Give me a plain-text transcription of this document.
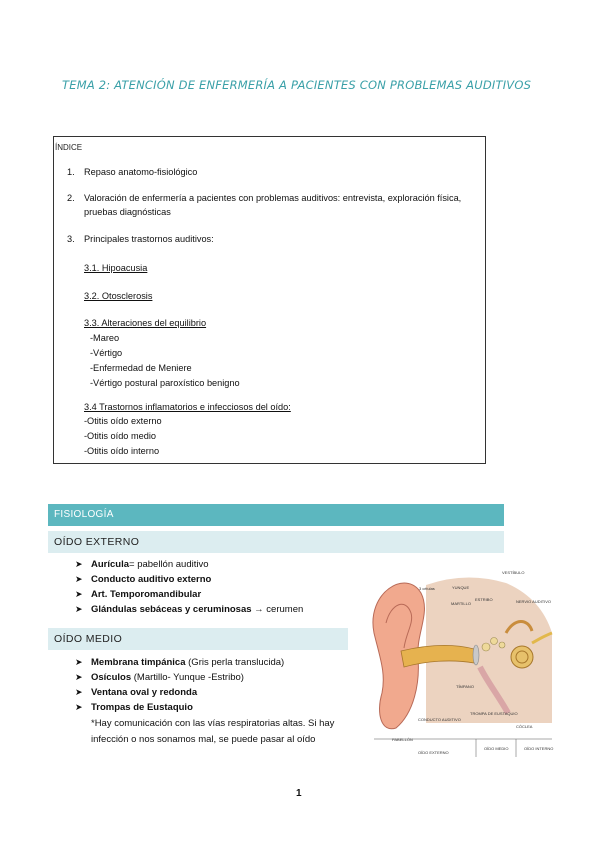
TEMA 2: ATENCIÓN DE ENFERMERÍA A PACIENTES CON PROBLEMAS AUDITIVOS
ÍNDICE
1. Repaso anatomo-fisiológico
2. Valoración de enfermería a pacientes con problemas auditivos: entrevista, exploración física,
pruebas diagnósticas
3. Principales trastornos auditivos:
3.1. Hipoacusia
3.2. Otosclerosis
3.3. Alteraciones del equilibrio
-Mareo
-Vértigo
-Enfermedad de Meniere
-Vértigo postural paroxístico benigno
3.4 Trastornos inflamatorios e infecciosos del oído:
-Otitis oído externo
-Otitis oído medio
-Otitis oído interno
FISIOLOGÍA
OÍDO EXTERNO
➤ Aurícula= pabellón auditivo
➤ Conducto auditivo externo
➤ Art. Temporomandibular
➤ Glándulas sebáceas y ceruminosas → cerumen
OÍDO MEDIO
➤ Membrana timpánica (Gris perla translucida)
➤ Osículos (Martillo- Yunque -Estribo)
➤ Ventana oval y redonda
➤ Trompas de Eustaquio
*Hay comunicación con las vías respiratorias altas. Si hay
infección o nos sonamos mal, se puede pasar al oído
3 células	YUNQUE
VESTÍBULO
MARTILLO
ESTRIBO	NERVIO AUDITIVO
TÍMPANO
TROMPA DE EUSTAQUIO
CONDUCTO AUDITIVO
CÓCLEA
PABELLÓN
OÍDO EXTERNO
OÍDO MEDIO	OÍDO INTERNO
1
